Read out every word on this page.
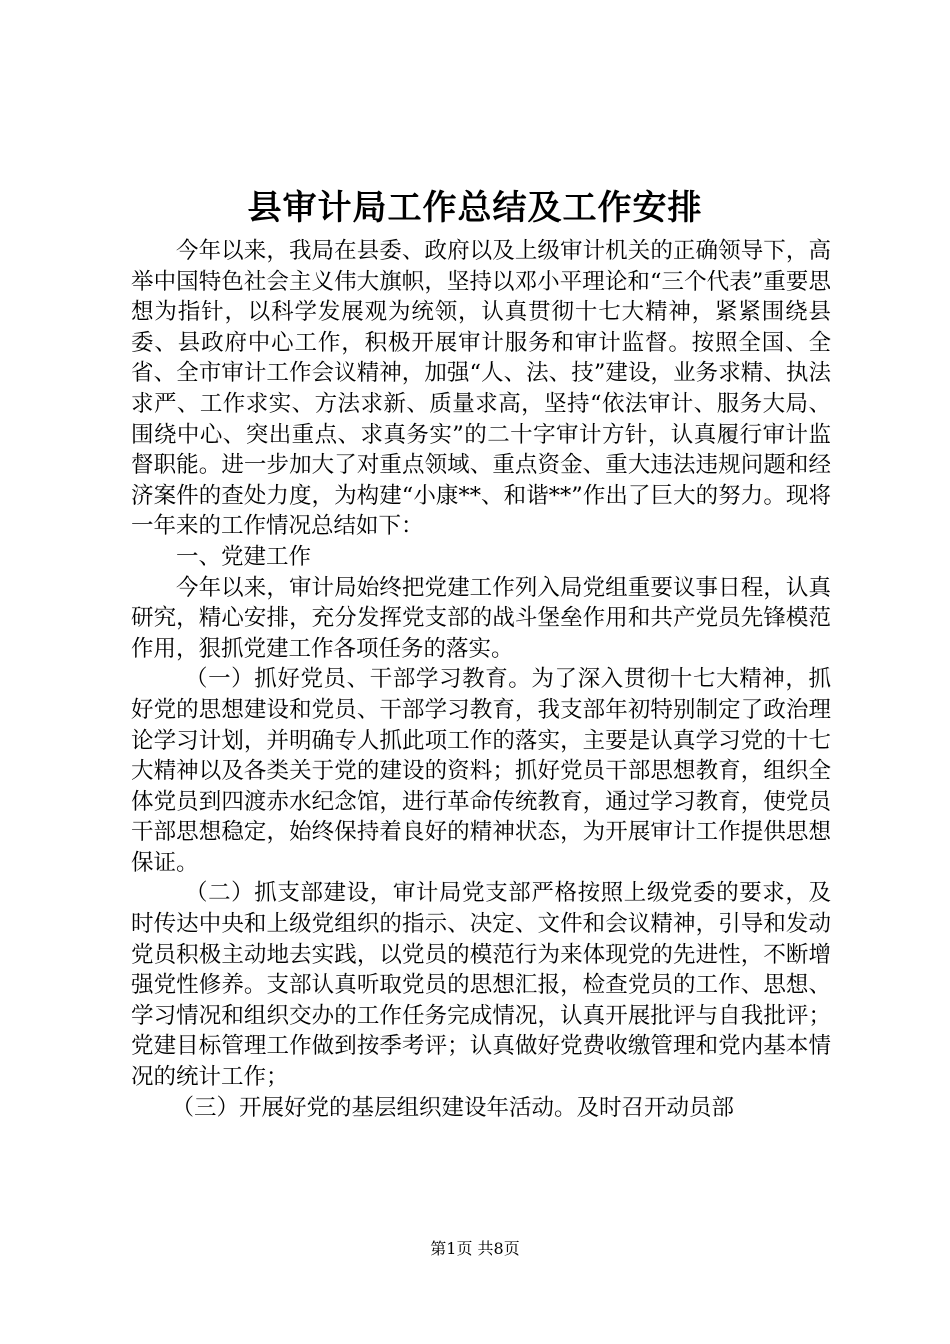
县审计局工作总结及工作安排

今年以来，我局在县委、政府以及上级审计机关的正确领导下，高举中国特色社会主义伟大旗帜，坚持以邓小平理论和“三个代表”重要思想为指针，以科学发展观为统领，认真贯彻十七大精神，紧紧围绕县委、县政府中心工作，积极开展审计服务和审计监督。按照全国、全省、全市审计工作会议精神，加强“人、法、技”建设，业务求精、执法求严、工作求实、方法求新、质量求高，坚持“依法审计、服务大局、围绕中心、突出重点、求真务实”的二十字审计方针，认真履行审计监督职能。进一步加大了对重点领域、重点资金、重大违法违规问题和经济案件的查处力度，为构建“小康**、和谐**”作出了巨大的努力。现将一年来的工作情况总结如下：

一、党建工作

今年以来，审计局始终把党建工作列入局党组重要议事日程，认真研究，精心安排，充分发挥党支部的战斗堡垒作用和共产党员先锋模范作用，狠抓党建工作各项任务的落实。

（一）抓好党员、干部学习教育。为了深入贯彻十七大精神，抓好党的思想建设和党员、干部学习教育，我支部年初特别制定了政治理论学习计划，并明确专人抓此项工作的落实，主要是认真学习党的十七大精神以及各类关于党的建设的资料；抓好党员干部思想教育，组织全体党员到四渡赤水纪念馆，进行革命传统教育，通过学习教育，使党员干部思想稳定，始终保持着良好的精神状态，为开展审计工作提供思想保证。

（二）抓支部建设，审计局党支部严格按照上级党委的要求，及时传达中央和上级党组织的指示、决定、文件和会议精神，引导和发动党员积极主动地去实践，以党员的模范行为来体现党的先进性，不断增强党性修养。支部认真听取党员的思想汇报，检查党员的工作、思想、学习情况和组织交办的工作任务完成情况，认真开展批评与自我批评；党建目标管理工作做到按季考评；认真做好党费收缴管理和党内基本情况的统计工作；

（三）开展好党的基层组织建设年活动。及时召开动员部

第1页 共8页
